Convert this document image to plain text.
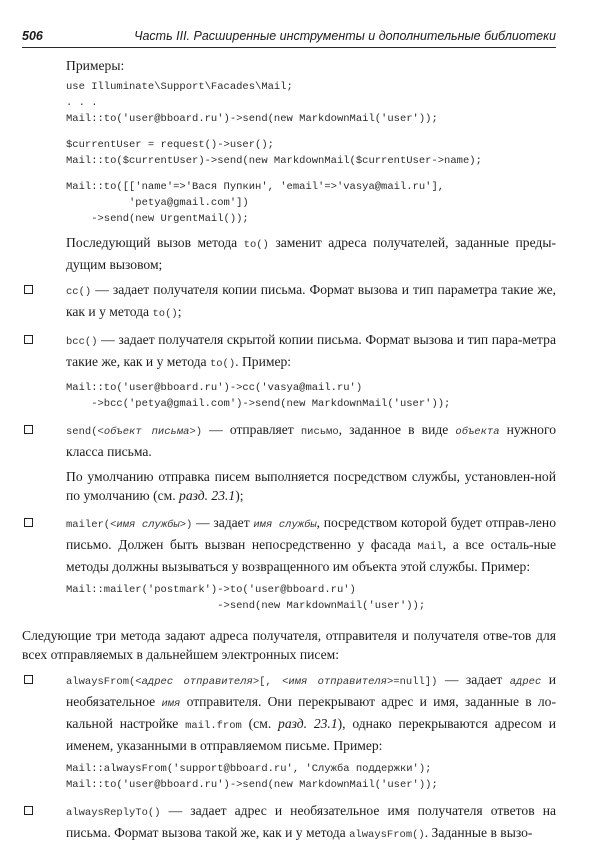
506	Часть III. Расширенные инструменты и дополнительные библиотеки

Примеры:

use Illuminate\Support\Facades\Mail;
. . .
Mail::to('user@bboard.ru')->send(new MarkdownMail('user'));
$currentUser = request()->user();
Mail::to($currentUser)->send(new MarkdownMail($currentUser->name);
Mail::to([['name'=>'Вася Пупкин', 'email'=>'vasya@mail.ru'],
'petya@gmail.com'])
->send(new UrgentMail());

Последующий вызов метода to() заменит адреса получателей, заданные преды-дущим вызовом;

cc() — задает получателя копии письма. Формат вызова и тип параметра такие же, как и у метода to();

bcc() — задает получателя скрытой копии письма. Формат вызова и тип пара-метра такие же, как и у метода to(). Пример:

Mail::to('user@bboard.ru')->cc('vasya@mail.ru')
->bcc('petya@gmail.com')->send(new MarkdownMail('user'));

send(<объект письма>) — отправляет письмо, заданное в виде объекта нужного класса письма.

По умолчанию отправка писем выполняется посредством службы, установлен-ной по умолчанию (см. разд. 23.1);

mailer(<имя службы>) — задает имя службы, посредством которой будет отправ-лено письмо. Должен быть вызван непосредственно у фасада Mail, а все осталь-ные методы должны вызываться у возвращенного им объекта этой службы. Пример:

Mail::mailer('postmark')->to('user@bboard.ru')
->send(new MarkdownMail('user'));

Следующие три метода задают адреса получателя, отправителя и получателя отве-тов для всех отправляемых в дальнейшем электронных писем:

alwaysFrom(<адрес отправителя>[, <имя отправителя>=null]) — задает адрес и необязательное имя отправителя. Они перекрывают адрес и имя, заданные в ло-кальной настройке mail.from (см. разд. 23.1), однако перекрываются адресом и именем, указанными в отправляемом письме. Пример:

Mail::alwaysFrom('support@bboard.ru', 'Служба поддержки');
Mail::to('user@bboard.ru')->send(new MarkdownMail('user'));

alwaysReplyTo() — задает адрес и необязательное имя получателя ответов на письма. Формат вызова такой же, как и у метода alwaysFrom(). Заданные в вызо-
